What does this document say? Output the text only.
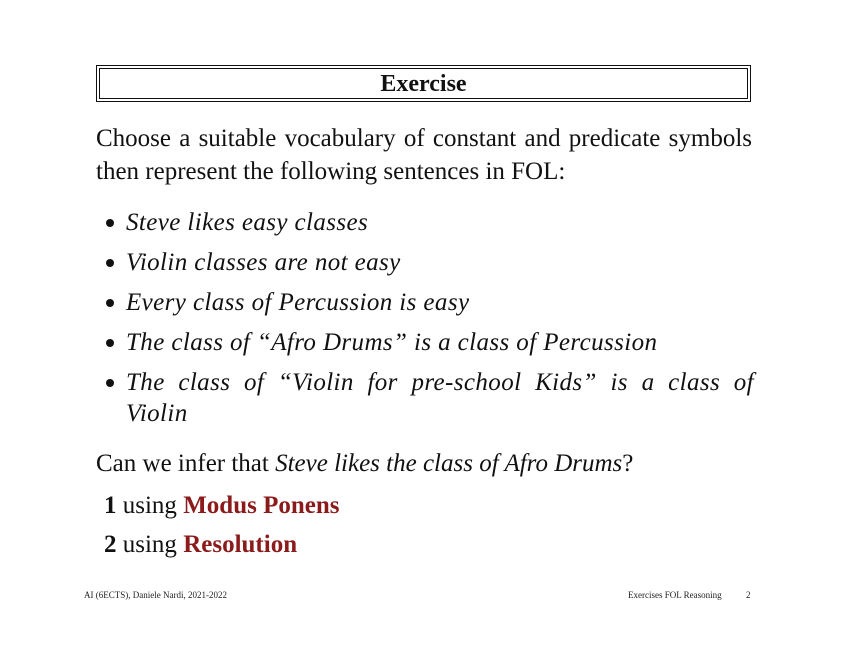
Exercise

Choose a suitable vocabulary of constant and predicate symbols then represent the following sentences in FOL:

Steve likes easy classes
Violin classes are not easy
Every class of Percussion is easy
The class of “Afro Drums” is a class of Percussion
The class of “Violin for pre-school Kids” is a class of Violin

Can we infer that Steve likes the class of Afro Drums?

1 using Modus Ponens

2 using Resolution

AI (6ECTS), Daniele Nardi, 2021-2022	Exercises FOL Reasoning	2
